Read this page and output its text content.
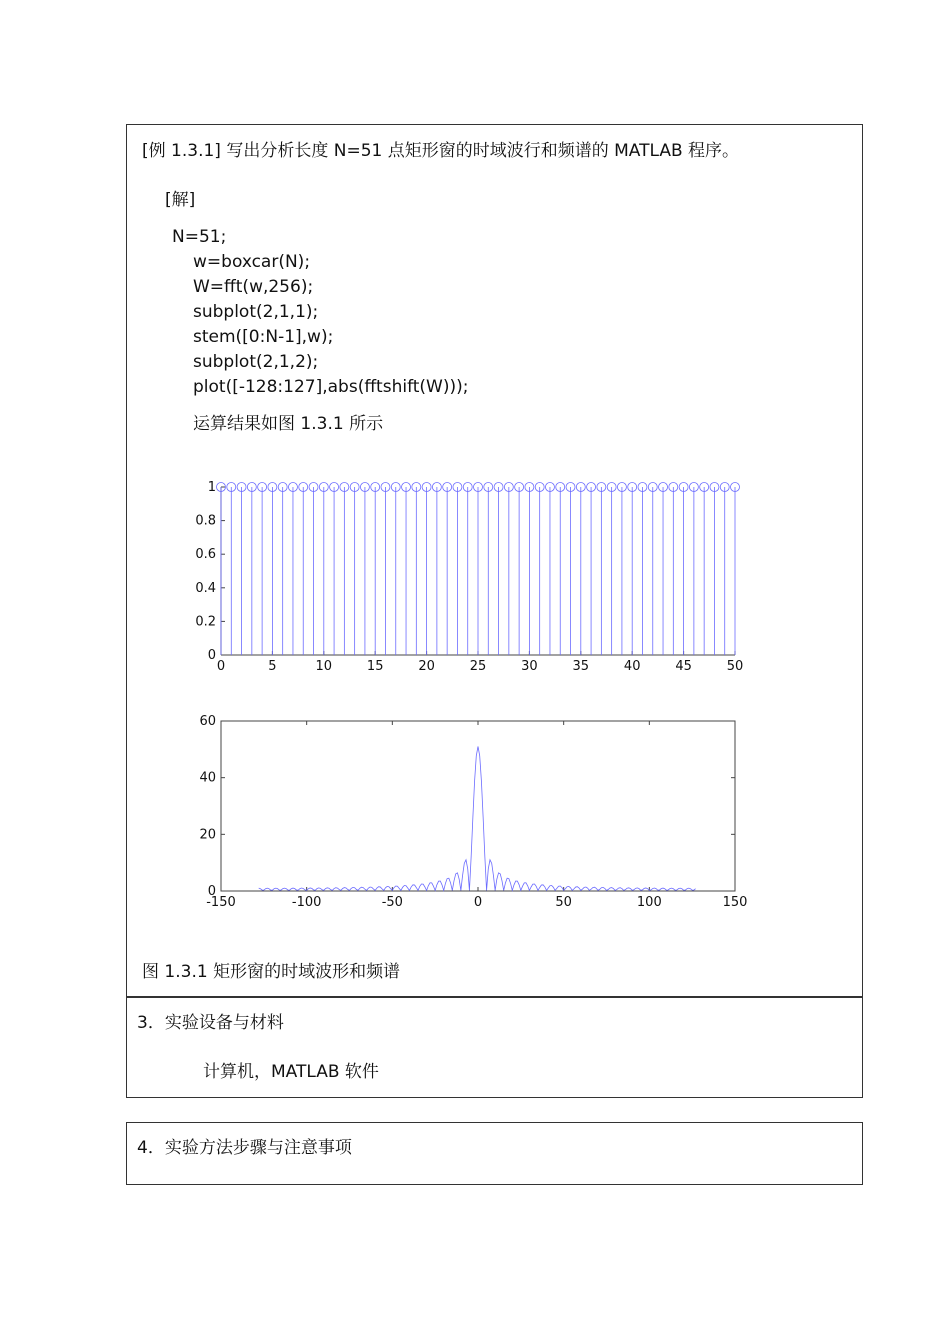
[例 1.3.1] 写出分析长度 N=51 点矩形窗的时域波行和频谱的 MATLAB 程序。
[解]
N=51;
w=boxcar(N);
W=fft(w,256);
subplot(2,1,1);
stem([0:N-1],w);
subplot(2,1,2);
plot([-128:127],abs(fftshift(W)));
运算结果如图 1.3.1 所示
0
0.2
0.4
0.6
0.8
1
0	5	10	15	20	25	30	35	40	45	50
0
20
40
60
-150	-100	-50	0	50	100	150
图 1.3.1 矩形窗的时域波形和频谱
3．实验设备与材料
计算机，MATLAB 软件
4．实验方法步骤与注意事项
